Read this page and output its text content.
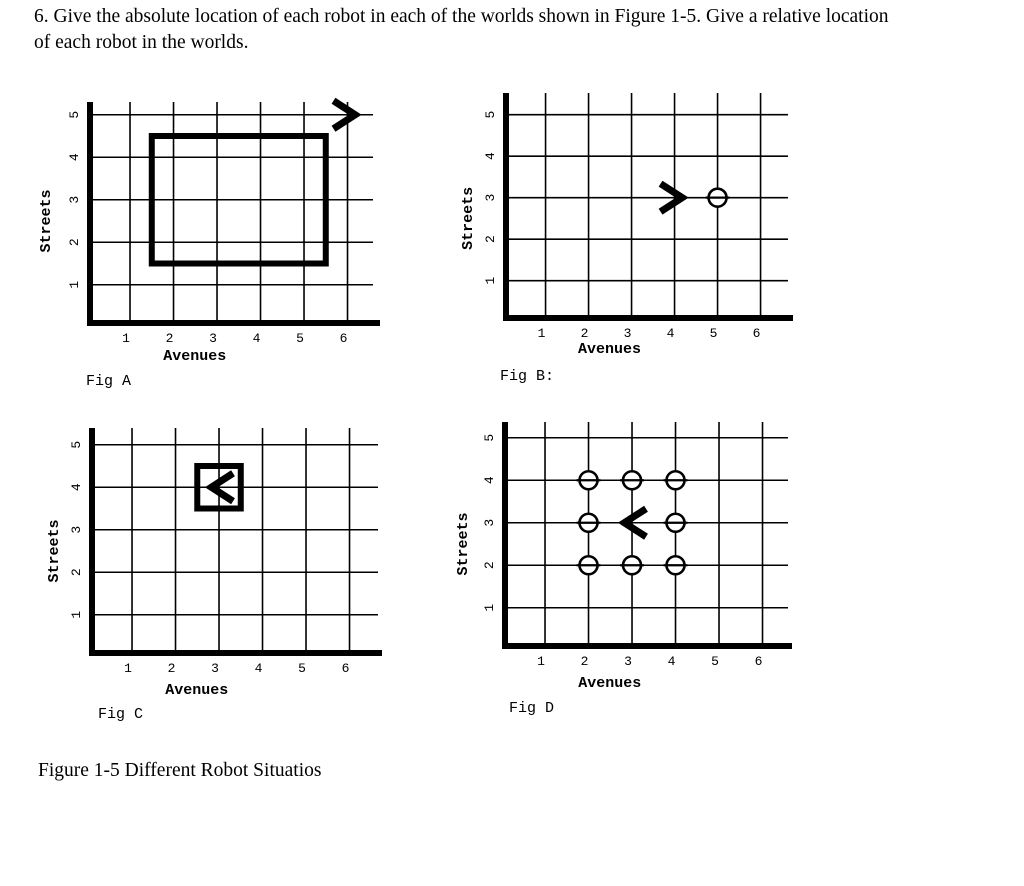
6. Give the absolute location of each robot in each of the worlds shown in Figure 1-5. Give a relative location
of each robot in the worlds.

1	2	3	4	5	6
1
2
3
4
5
Avenues
Streets
Fig A
1	2	3	4	5	6
1
2
3
4
5
Avenues
Streets
Fig B:
1	2	3	4	5	6
1
2
3
4
5
Avenues
Streets
Fig C
1	2	3	4	5	6
1
2
3
4
5
Avenues
Streets
Fig D

Figure 1-5 Different Robot Situatios
